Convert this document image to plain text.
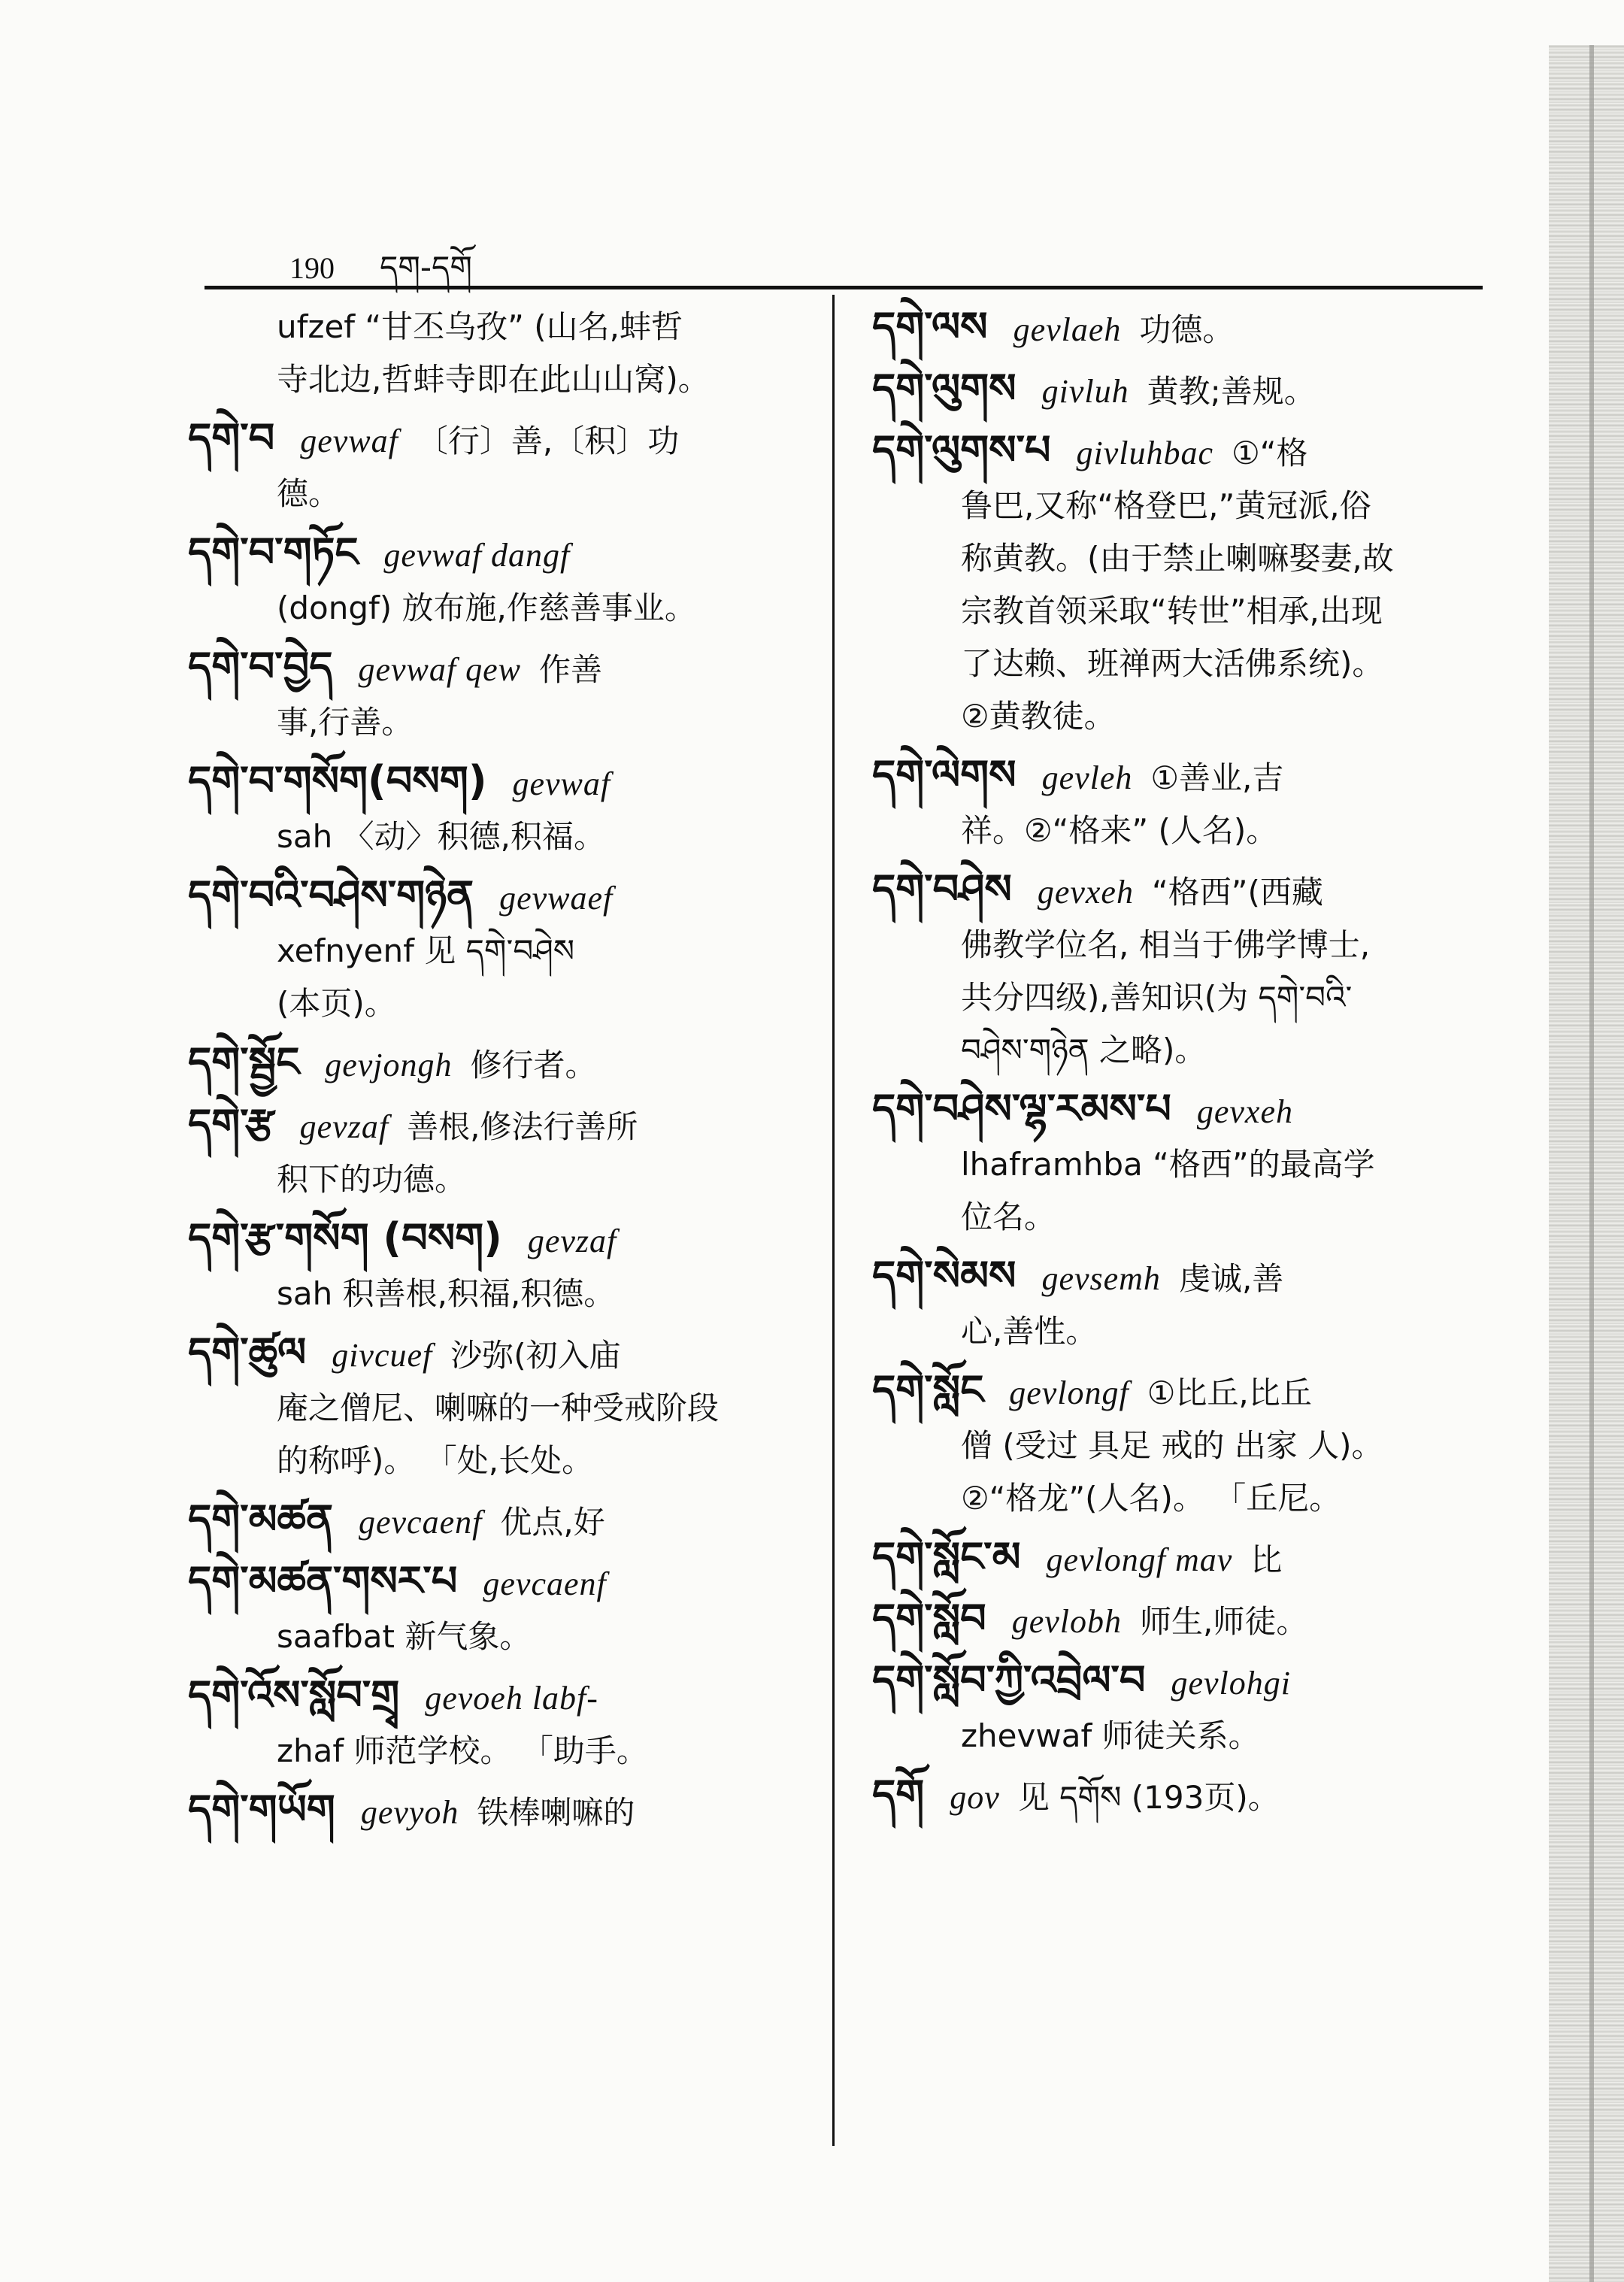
190 དག-དགོ
ufzef “甘丕乌孜” (山名,蚌哲
寺北边,哲蚌寺即在此山山窝)。
དགེ་བ gevwaf 〔行〕善,〔积〕功
德。
དགེ་བ་གཏོང gevwaf dangf
(dongf) 放布施,作慈善事业。
དགེ་བ་བྱེད gevwaf qew 作善
事,行善。
དགེ་བ་གསོག(བསག) gevwaf
sah 〈动〉积德,积福。
དགེ་བའི་བཤེས་གཉེན gevwaef
xefnyenf 见 དགེ་བཤེས
(本页)。
དགེ་སྦྱོང gevjongh 修行者。
དགེ་རྩ gevzaf 善根,修法行善所
积下的功德。
དགེ་རྩ་གསོག (བསག) gevzaf
sah 积善根,积福,积德。
དགེ་ཚུལ givcuef 沙弥(初入庙
庵之僧尼、喇嘛的一种受戒阶段
的称呼)。 「处,长处。
དགེ་མཚན gevcaenf 优点,好
དགེ་མཚན་གསར་པ gevcaenf
saafbat 新气象。
དགེ་འོས་སློབ་གྲྭ gevoeh labf-
zhaf 师范学校。 「助手。
དགེ་གཡོག gevyoh 铁棒喇嘛的
དགེ་ལས gevlaeh 功德。
དགེ་ལུགས givluh 黄教;善规。
དགེ་ལུགས་པ givluhbac ①“格
鲁巴,又称“格登巴,”黄冠派,俗
称黄教。(由于禁止喇嘛娶妻,故
宗教首领采取“转世”相承,出现
了达赖、班禅两大活佛系统)。
②黄教徒。
དགེ་ལེགས gevleh ①善业,吉
祥。②“格来” (人名)。
དགེ་བཤེས gevxeh “格西”(西藏
佛教学位名, 相当于佛学博士,
共分四级),善知识(为 དགེ་བའི་
བཤེས་གཉེན 之略)。
དགེ་བཤེས་ལྷ་རམས་པ gevxeh
lhaframhba “格西”的最高学
位名。
དགེ་སེམས gevsemh 虔诚,善
心,善性。
དགེ་སློང gevlongf ①比丘,比丘
僧 (受过 具足 戒的 出家 人)。
②“格龙”(人名)。 「丘尼。
དགེ་སློང་མ gevlongf mav 比
དགེ་སློབ gevlobh 师生,师徒。
དགེ་སློབ་ཀྱི་འབྲེལ་བ gevlohgi
zhevwaf 师徒关系。
དགོ gov 见 དགོས (193页)。
